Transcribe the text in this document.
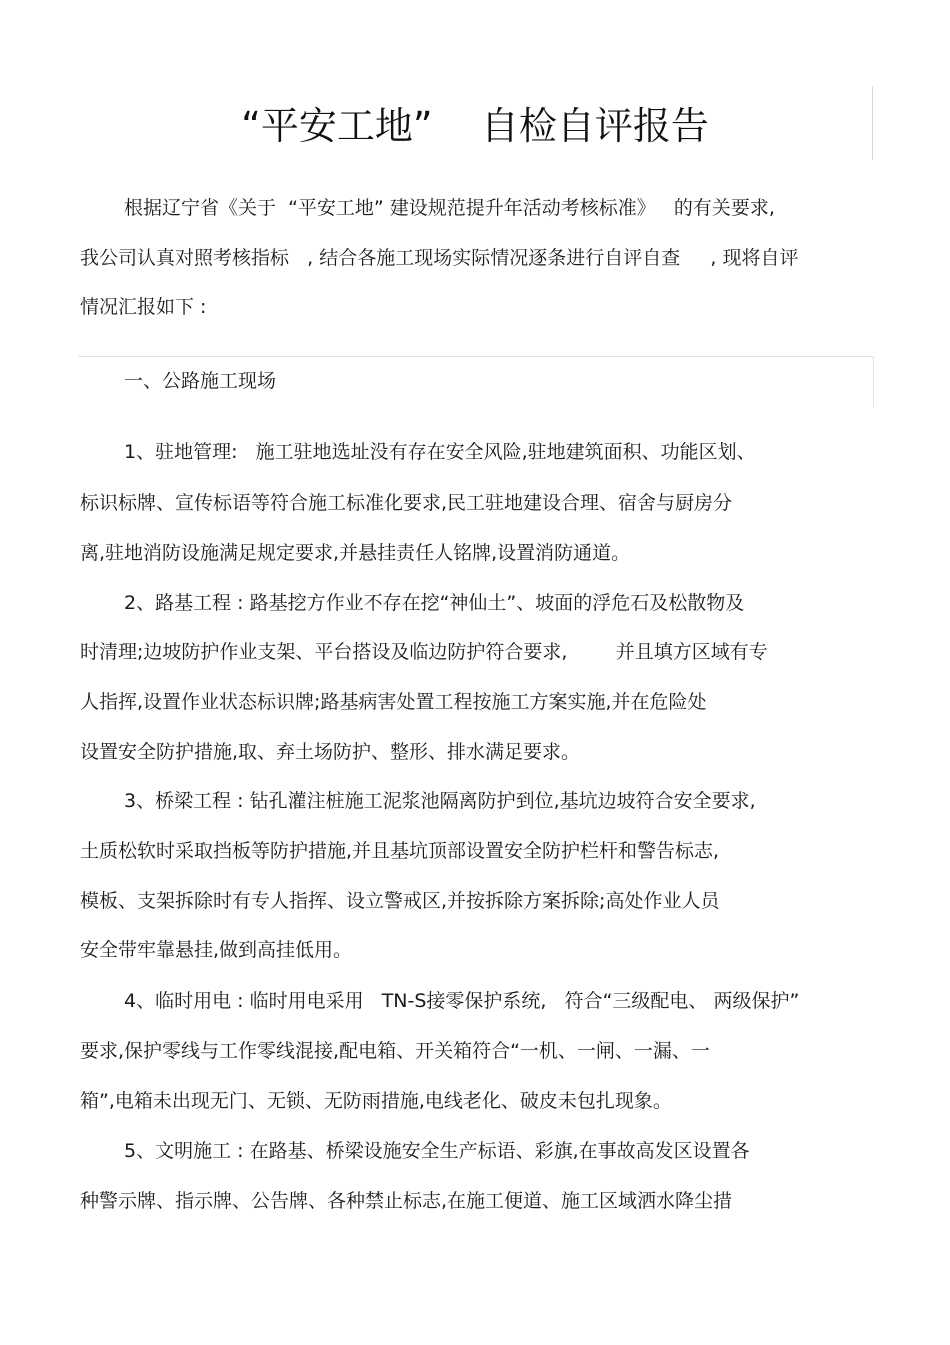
“平安工地”    自检自评报告

根据辽宁省《关于  “平安工地” 建设规范提升年活动考核标准》   的有关要求,

我公司认真对照考核指标   , 结合各施工现场实际情况逐条进行自评自查     , 现将自评

情况汇报如下 :

一、公路施工现场

1、驻地管理:   施工驻地选址没有存在安全风险,驻地建筑面积、功能区划、

标识标牌、宣传标语等符合施工标准化要求,民工驻地建设合理、宿舍与厨房分

离,驻地消防设施满足规定要求,并悬挂责任人铭牌,设置消防通道。

2、路基工程 : 路基挖方作业不存在挖“神仙土”、坡面的浮危石及松散物及

时清理;边坡防护作业支架、平台搭设及临边防护符合要求,        并且填方区域有专

人指挥,设置作业状态标识牌;路基病害处置工程按施工方案实施,并在危险处

设置安全防护措施,取、弃土场防护、整形、排水满足要求。

3、桥梁工程 : 钻孔灌注桩施工泥浆池隔离防护到位,基坑边坡符合安全要求,

土质松软时采取挡板等防护措施,并且基坑顶部设置安全防护栏杆和警告标志,

模板、支架拆除时有专人指挥、设立警戒区,并按拆除方案拆除;高处作业人员

安全带牢靠悬挂,做到高挂低用。

4、临时用电 : 临时用电采用   TN-S接零保护系统,   符合“三级配电、 两级保护”

要求,保护零线与工作零线混接,配电箱、开关箱符合“一机、一闸、一漏、一

箱”,电箱未出现无门、无锁、无防雨措施,电线老化、破皮未包扎现象。

5、文明施工 : 在路基、桥梁设施安全生产标语、彩旗,在事故高发区设置各

种警示牌、指示牌、公告牌、各种禁止标志,在施工便道、施工区域洒水降尘措
